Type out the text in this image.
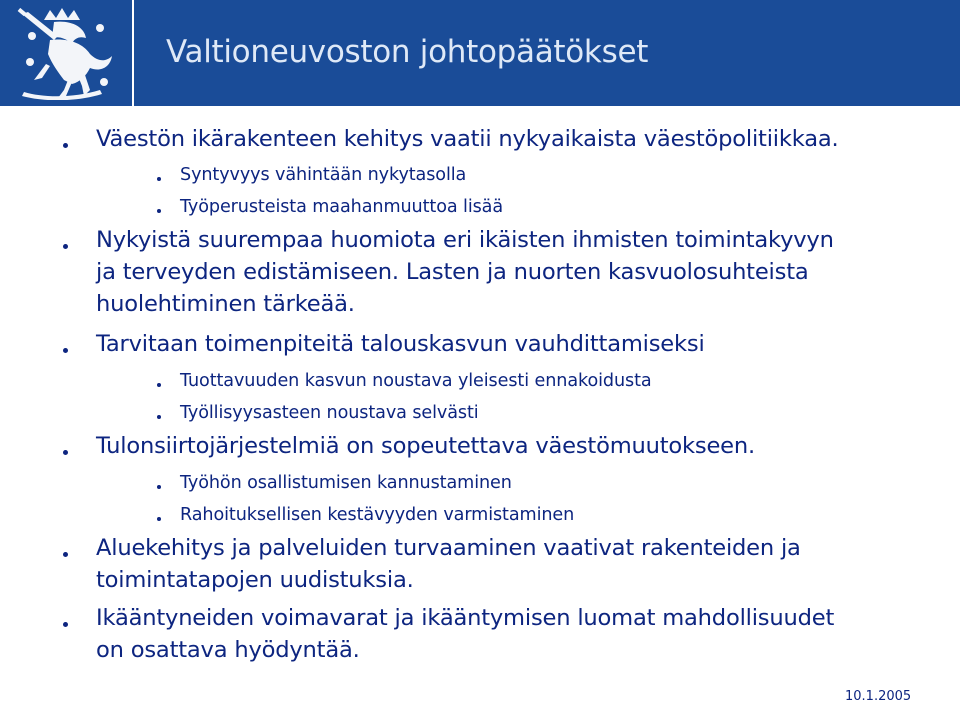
Valtioneuvoston johtopäätökset
Väestön ikärakenteen kehitys vaatii nykyaikaista väestöpolitiikkaa.
Syntyvyys vähintään nykytasolla
Työperusteista maahanmuuttoa lisää
Nykyistä suurempaa huomiota eri ikäisten ihmisten toimintakyvyn
ja terveyden edistämiseen. Lasten ja nuorten kasvuolosuhteista
huolehtiminen tärkeää.
Tarvitaan toimenpiteitä talouskasvun vauhdittamiseksi
Tuottavuuden kasvun noustava yleisesti ennakoidusta
Työllisyysasteen noustava selvästi
Tulonsiirtojärjestelmiä on sopeutettava väestömuutokseen.
Työhön osallistumisen kannustaminen
Rahoituksellisen kestävyyden varmistaminen
Aluekehitys ja palveluiden turvaaminen vaativat rakenteiden ja
toimintatapojen uudistuksia.
Ikääntyneiden voimavarat ja ikääntymisen luomat mahdollisuudet
on osattava hyödyntää.
10.1.2005
